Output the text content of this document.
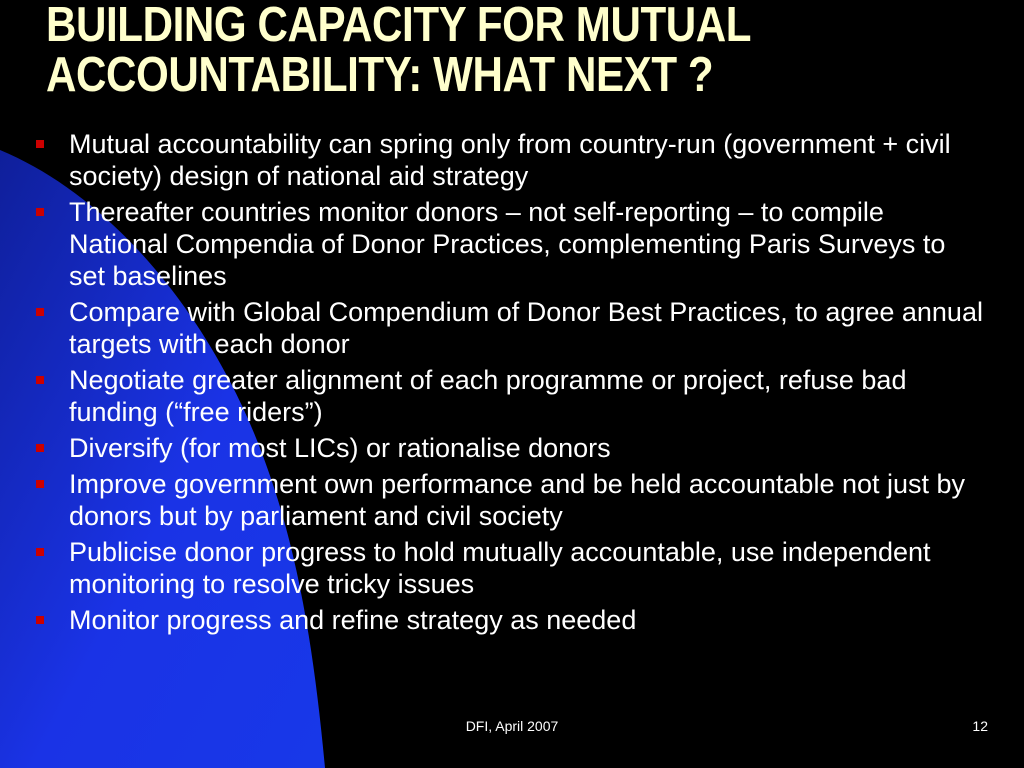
BUILDING CAPACITY FOR MUTUAL
ACCOUNTABILITY: WHAT NEXT ?
Mutual accountability can spring only from country-run (government + civil society) design of national aid strategy
Thereafter countries monitor donors – not self-reporting – to compile National Compendia of Donor Practices, complementing Paris Surveys to set baselines
Compare with Global Compendium of Donor Best Practices, to agree annual targets with each donor
Negotiate greater alignment of each programme or project, refuse bad funding (“free riders”)
Diversify (for most LICs) or rationalise donors
Improve government own performance and be held accountable not just by donors but by parliament and civil society
Publicise donor progress to hold mutually accountable, use independent monitoring to resolve tricky issues
Monitor progress and refine strategy as needed
DFI, April 2007	12
